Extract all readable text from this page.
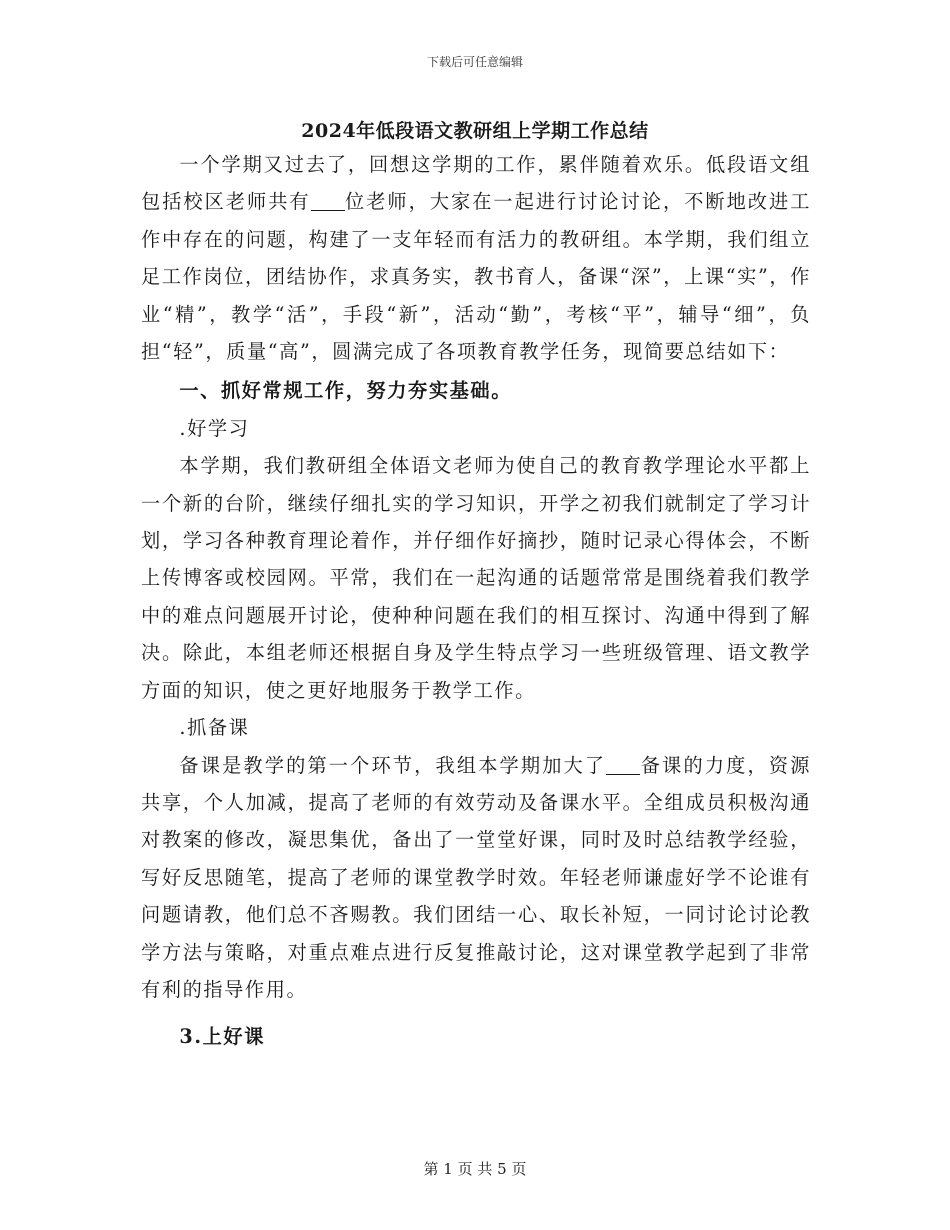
下载后可任意编辑
2024年低段语文教研组上学期工作总结

一个学期又过去了，回想这学期的工作，累伴随着欢乐。低段语文组包括校区老师共有 位老师，大家在一起进行讨论讨论，不断地改进工作中存在的问题，构建了一支年轻而有活力的教研组。本学期，我们组立足工作岗位，团结协作，求真务实，教书育人，备课“深”，上课“实”，作业“精”，教学“活”，手段“新”，活动“勤”，考核“平”，辅导“细”，负担“轻”，质量“高”，圆满完成了各项教育教学任务，现简要总结如下：

一、抓好常规工作，努力夯实基础。

.好学习

本学期，我们教研组全体语文老师为使自己的教育教学理论水平都上一个新的台阶，继续仔细扎实的学习知识，开学之初我们就制定了学习计划，学习各种教育理论着作，并仔细作好摘抄，随时记录心得体会，不断上传博客或校园网。平常，我们在一起沟通的话题常常是围绕着我们教学中的难点问题展开讨论，使种种问题在我们的相互探讨、沟通中得到了解决。除此，本组老师还根据自身及学生特点学习一些班级管理、语文教学方面的知识，使之更好地服务于教学工作。

.抓备课

备课是教学的第一个环节，我组本学期加大了 备课的力度，资源共享，个人加减，提高了老师的有效劳动及备课水平。全组成员积极沟通对教案的修改，凝思集优，备出了一堂堂好课，同时及时总结教学经验，写好反思随笔，提高了老师的课堂教学时效。年轻老师谦虚好学不论谁有问题请教，他们总不吝赐教。我们团结一心、取长补短，一同讨论讨论教学方法与策略，对重点难点进行反复推敲讨论，这对课堂教学起到了非常有利的指导作用。

3.上好课

第 1 页 共 5 页
